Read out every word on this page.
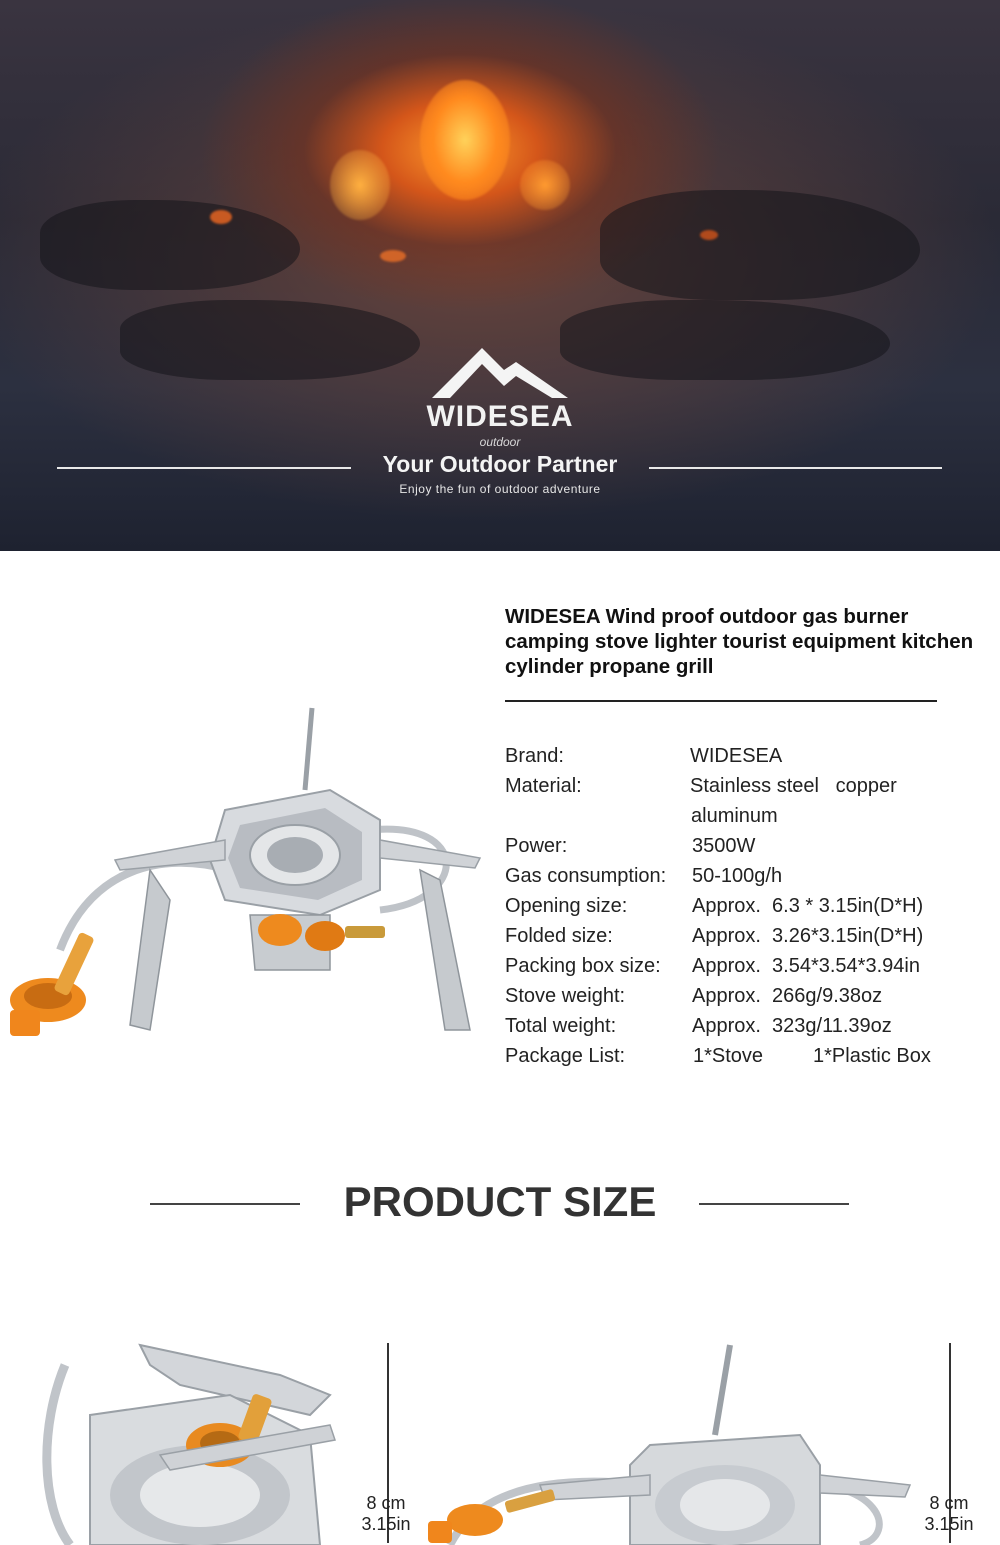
WIDESEA
outdoor
Your Outdoor Partner
Enjoy the fun of outdoor adventure
WIDESEA Wind proof outdoor gas burner camping stove lighter tourist equipment kitchen cylinder propane grill
Brand:	WIDESEA
Material:	Stainless steel   copper
aluminum
Power:	3500W
Gas consumption: 50-100g/h
Opening size:	Approx.  6.3 * 3.15in(D*H)
Folded size:	Approx.  3.26*3.15in(D*H)
Packing box size: Approx.  3.54*3.54*3.94in
Stove weight:	Approx.  266g/9.38oz
Total weight:	Approx.  323g/11.39oz
Package List:	1*Stove 1*Plastic Box
PRODUCT SIZE
8 cm
3.15in
8 cm
3.15in
